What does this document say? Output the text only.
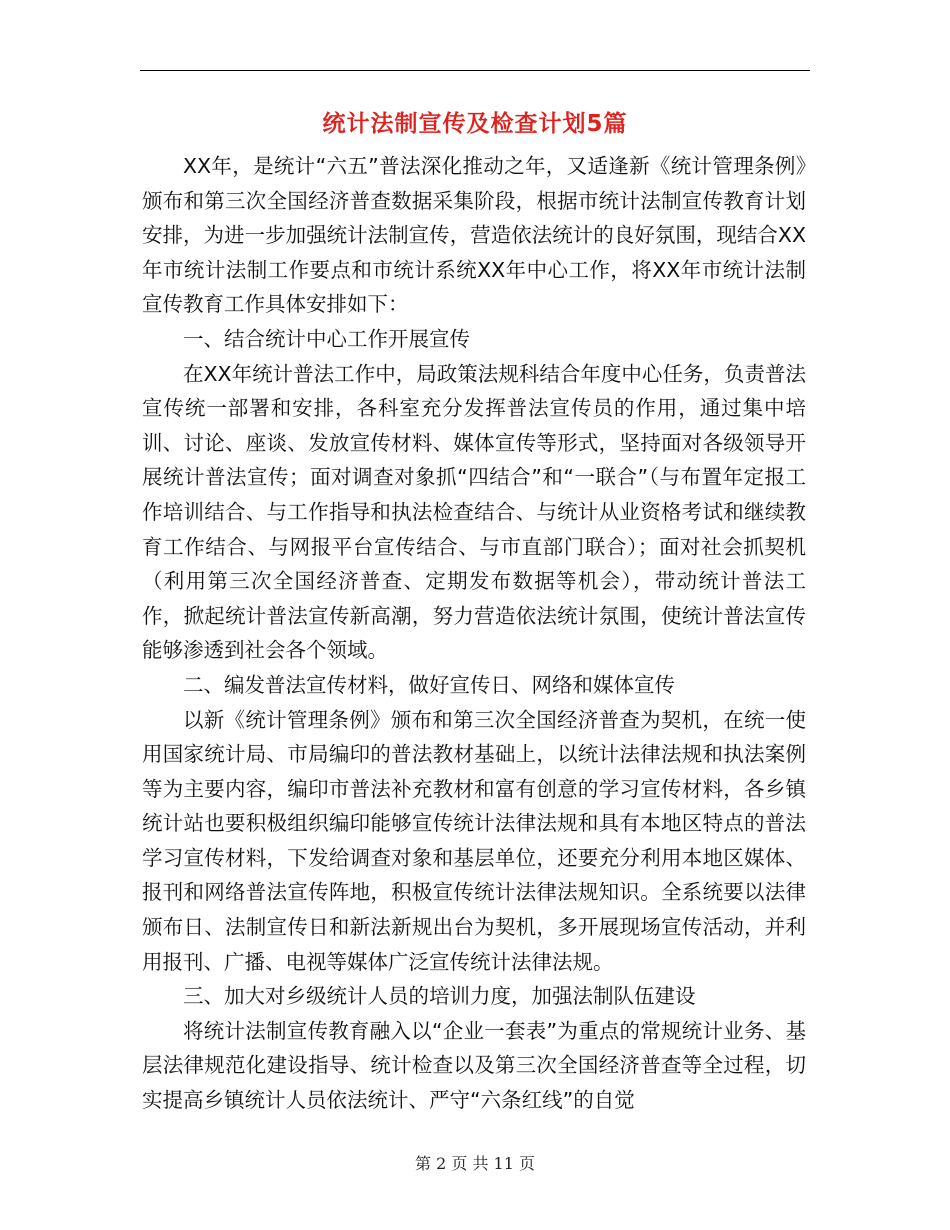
统计法制宣传及检查计划5篇

XX年，是统计“六五”普法深化推动之年，又适逢新《统计管理条例》颁布和第三次全国经济普查数据采集阶段，根据市统计法制宣传教育计划安排，为进一步加强统计法制宣传，营造依法统计的良好氛围，现结合XX年市统计法制工作要点和市统计系统XX年中心工作，将XX年市统计法制宣传教育工作具体安排如下：

一、结合统计中心工作开展宣传

在XX年统计普法工作中，局政策法规科结合年度中心任务，负责普法宣传统一部署和安排，各科室充分发挥普法宣传员的作用，通过集中培训、讨论、座谈、发放宣传材料、媒体宣传等形式，坚持面对各级领导开展统计普法宣传；面对调查对象抓“四结合”和“一联合”（与布置年定报工作培训结合、与工作指导和执法检查结合、与统计从业资格考试和继续教育工作结合、与网报平台宣传结合、与市直部门联合）；面对社会抓契机（利用第三次全国经济普查、定期发布数据等机会），带动统计普法工作，掀起统计普法宣传新高潮，努力营造依法统计氛围，使统计普法宣传能够渗透到社会各个领域。

二、编发普法宣传材料，做好宣传日、网络和媒体宣传

以新《统计管理条例》颁布和第三次全国经济普查为契机，在统一使用国家统计局、市局编印的普法教材基础上，以统计法律法规和执法案例等为主要内容，编印市普法补充教材和富有创意的学习宣传材料，各乡镇统计站也要积极组织编印能够宣传统计法律法规和具有本地区特点的普法学习宣传材料，下发给调查对象和基层单位，还要充分利用本地区媒体、报刊和网络普法宣传阵地，积极宣传统计法律法规知识。全系统要以法律颁布日、法制宣传日和新法新规出台为契机，多开展现场宣传活动，并利用报刊、广播、电视等媒体广泛宣传统计法律法规。

三、加大对乡级统计人员的培训力度，加强法制队伍建设

将统计法制宣传教育融入以“企业一套表”为重点的常规统计业务、基层法律规范化建设指导、统计检查以及第三次全国经济普查等全过程，切实提高乡镇统计人员依法统计、严守“六条红线”的自觉

第 2 页 共 11 页
